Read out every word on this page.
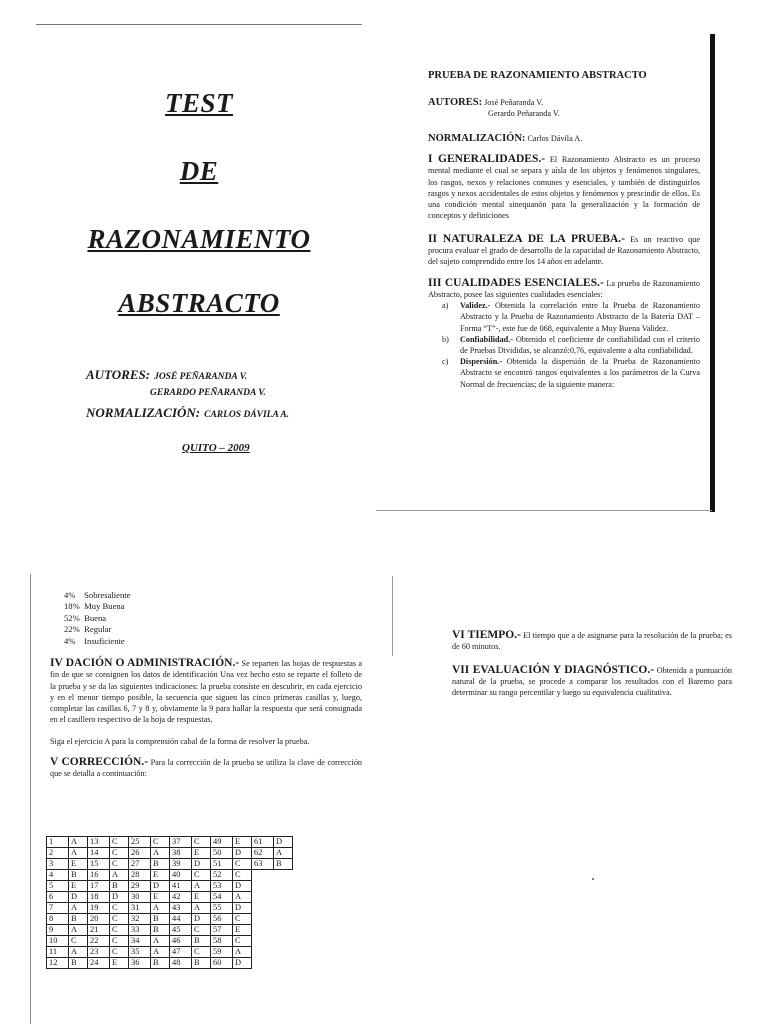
TEST
DE
RAZONAMIENTO
ABSTRACTO
AUTORES: JOSÉ PEÑARANDA V.
GERARDO PEÑARANDA V.
NORMALIZACIÓN: CARLOS DÁVILA A.
QUITO – 2009
PRUEBA DE RAZONAMIENTO ABSTRACTO
AUTORES: José Peñaranda V.
Gerardo Peñaranda V.
NORMALIZACIÓN: Carlos Dávila A.

I GENERALIDADES.- El Razonamiento Abstracto es un proceso mental mediante el cual se separa y aísla de los objetos y fenómenos singulares, los rasgos, nexos y relaciones comunes y esenciales, y también de distinguirlos rasgos y nexos accidentales de estos objetos y fenómenos y prescindir de ellos. Es una condición mental sinequanón para la generalización y la formación de conceptos y definiciones

II NATURALEZA DE LA PRUEBA.- Es un reactivo que procura evaluar el grado de desarrollo de la capacidad de Razonamiento Abstracto, del sujeto comprendido entre los 14 años en adelante.

III CUALIDADES ESENCIALES.- La prueba de Razonamiento Abstracto, posee las siguientes cualidades esenciales:

a) Validez.- Obtenida la correlación entre la Prueba de Razonamiento Abstracto y la Prueba de Razonamiento Abstracto de la Batería DAT – Forma “T”-, este fue de 068, equivalente a Muy Buena Validez.
b) Confiabilidad.- Obtenido el coeficiente de confiabilidad con el criterio de Pruebas Divididas, se alcanzó:0,76, equivalente a alta confiabilidad.
c) Dispersión.- Obtenida la dispersión de la Prueba de Razonamiento Abstracto se encontró rangos equivalentes a los parámetros de la Curva Normal de frecuencias; de la siguiente manera:
4% Sobresaliente
18% Muy Buena
52% Buena
22% Regular
4% Insuficiente

IV DACIÓN O ADMINISTRACIÓN.- Se reparten las hojas de respuestas a fin de que se consignen los datos de identificación Una vez hecho esto se reparte el folleto de la prueba y se da las siguientes indicaciones: la prueba consiste en descubrir, en cada ejercicio y en el menor tiempo posible, la secuencia que siguen las cinco primeras casillas y, luego, completar las casillas 6, 7 y 8 y, obviamente la 9 para hallar la respuesta que será consignada en el casillero respectivo de la hoja de respuestas.

Siga el ejercicio A para la comprensión cabal de la forma de resolver la prueba.

V CORRECCIÓN.- Para la corrección de la prueba se utiliza la clave de corrección que se detalla a continuación:

1	A	13	C	25	C	37	C	49	E	61	D
2	A	14	C	26	A	38	E	50	D	62	A
3	E	15	C	27	B	39	D	51	C	63	B
4	B	16	A	28	E	40	C	52	C		
5	E	17	B	29	D	41	A	53	D		
6	D	18	D	30	E	42	E	54	A		
7	A	19	C	31	A	43	A	55	D		
8	B	20	C	32	B	44	D	56	C		
9	A	21	C	33	B	45	C	57	E		
10	C	22	C	34	A	46	B	58	C		
11	A	23	C	35	A	47	C	59	A		
12	B	24	E	36	B	48	B	60	D		

VI TIEMPO.- El tiempo que a de asignarse para la resolución de la prueba; es de 60 minutos.

VII EVALUACIÓN Y DIAGNÓSTICO.- Obtenida a puntuación natural de la prueba, se procede a comparar los resultados con el Baremo para determinar su rango percentilar y luego su equivalencia cualitativa.
